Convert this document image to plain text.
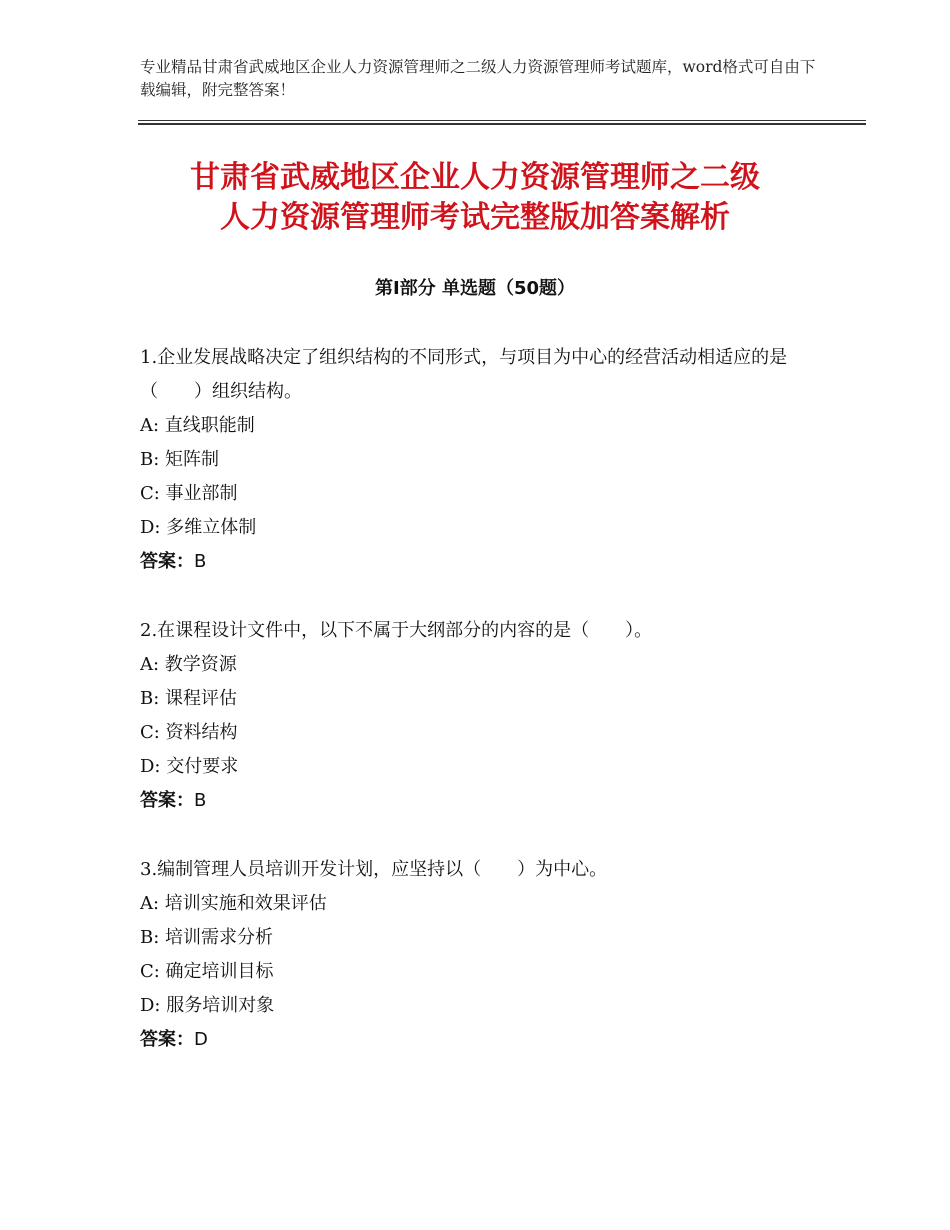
专业精品甘肃省武威地区企业人力资源管理师之二级人力资源管理师考试题库，word格式可自由下载编辑，附完整答案！
甘肃省武威地区企业人力资源管理师之二级
人力资源管理师考试完整版加答案解析
第Ⅰ部分 单选题（50题）

1.企业发展战略决定了组织结构的不同形式，与项目为中心的经营活动相适应的是（　　）组织结构。

A: 直线职能制

B: 矩阵制

C: 事业部制

D: 多维立体制

答案：B

2.在课程设计文件中，以下不属于大纲部分的内容的是（　　）。

A: 教学资源

B: 课程评估

C: 资料结构

D: 交付要求

答案：B

3.编制管理人员培训开发计划，应坚持以（　　）为中心。

A: 培训实施和效果评估

B: 培训需求分析

C: 确定培训目标

D: 服务培训对象

答案：D
